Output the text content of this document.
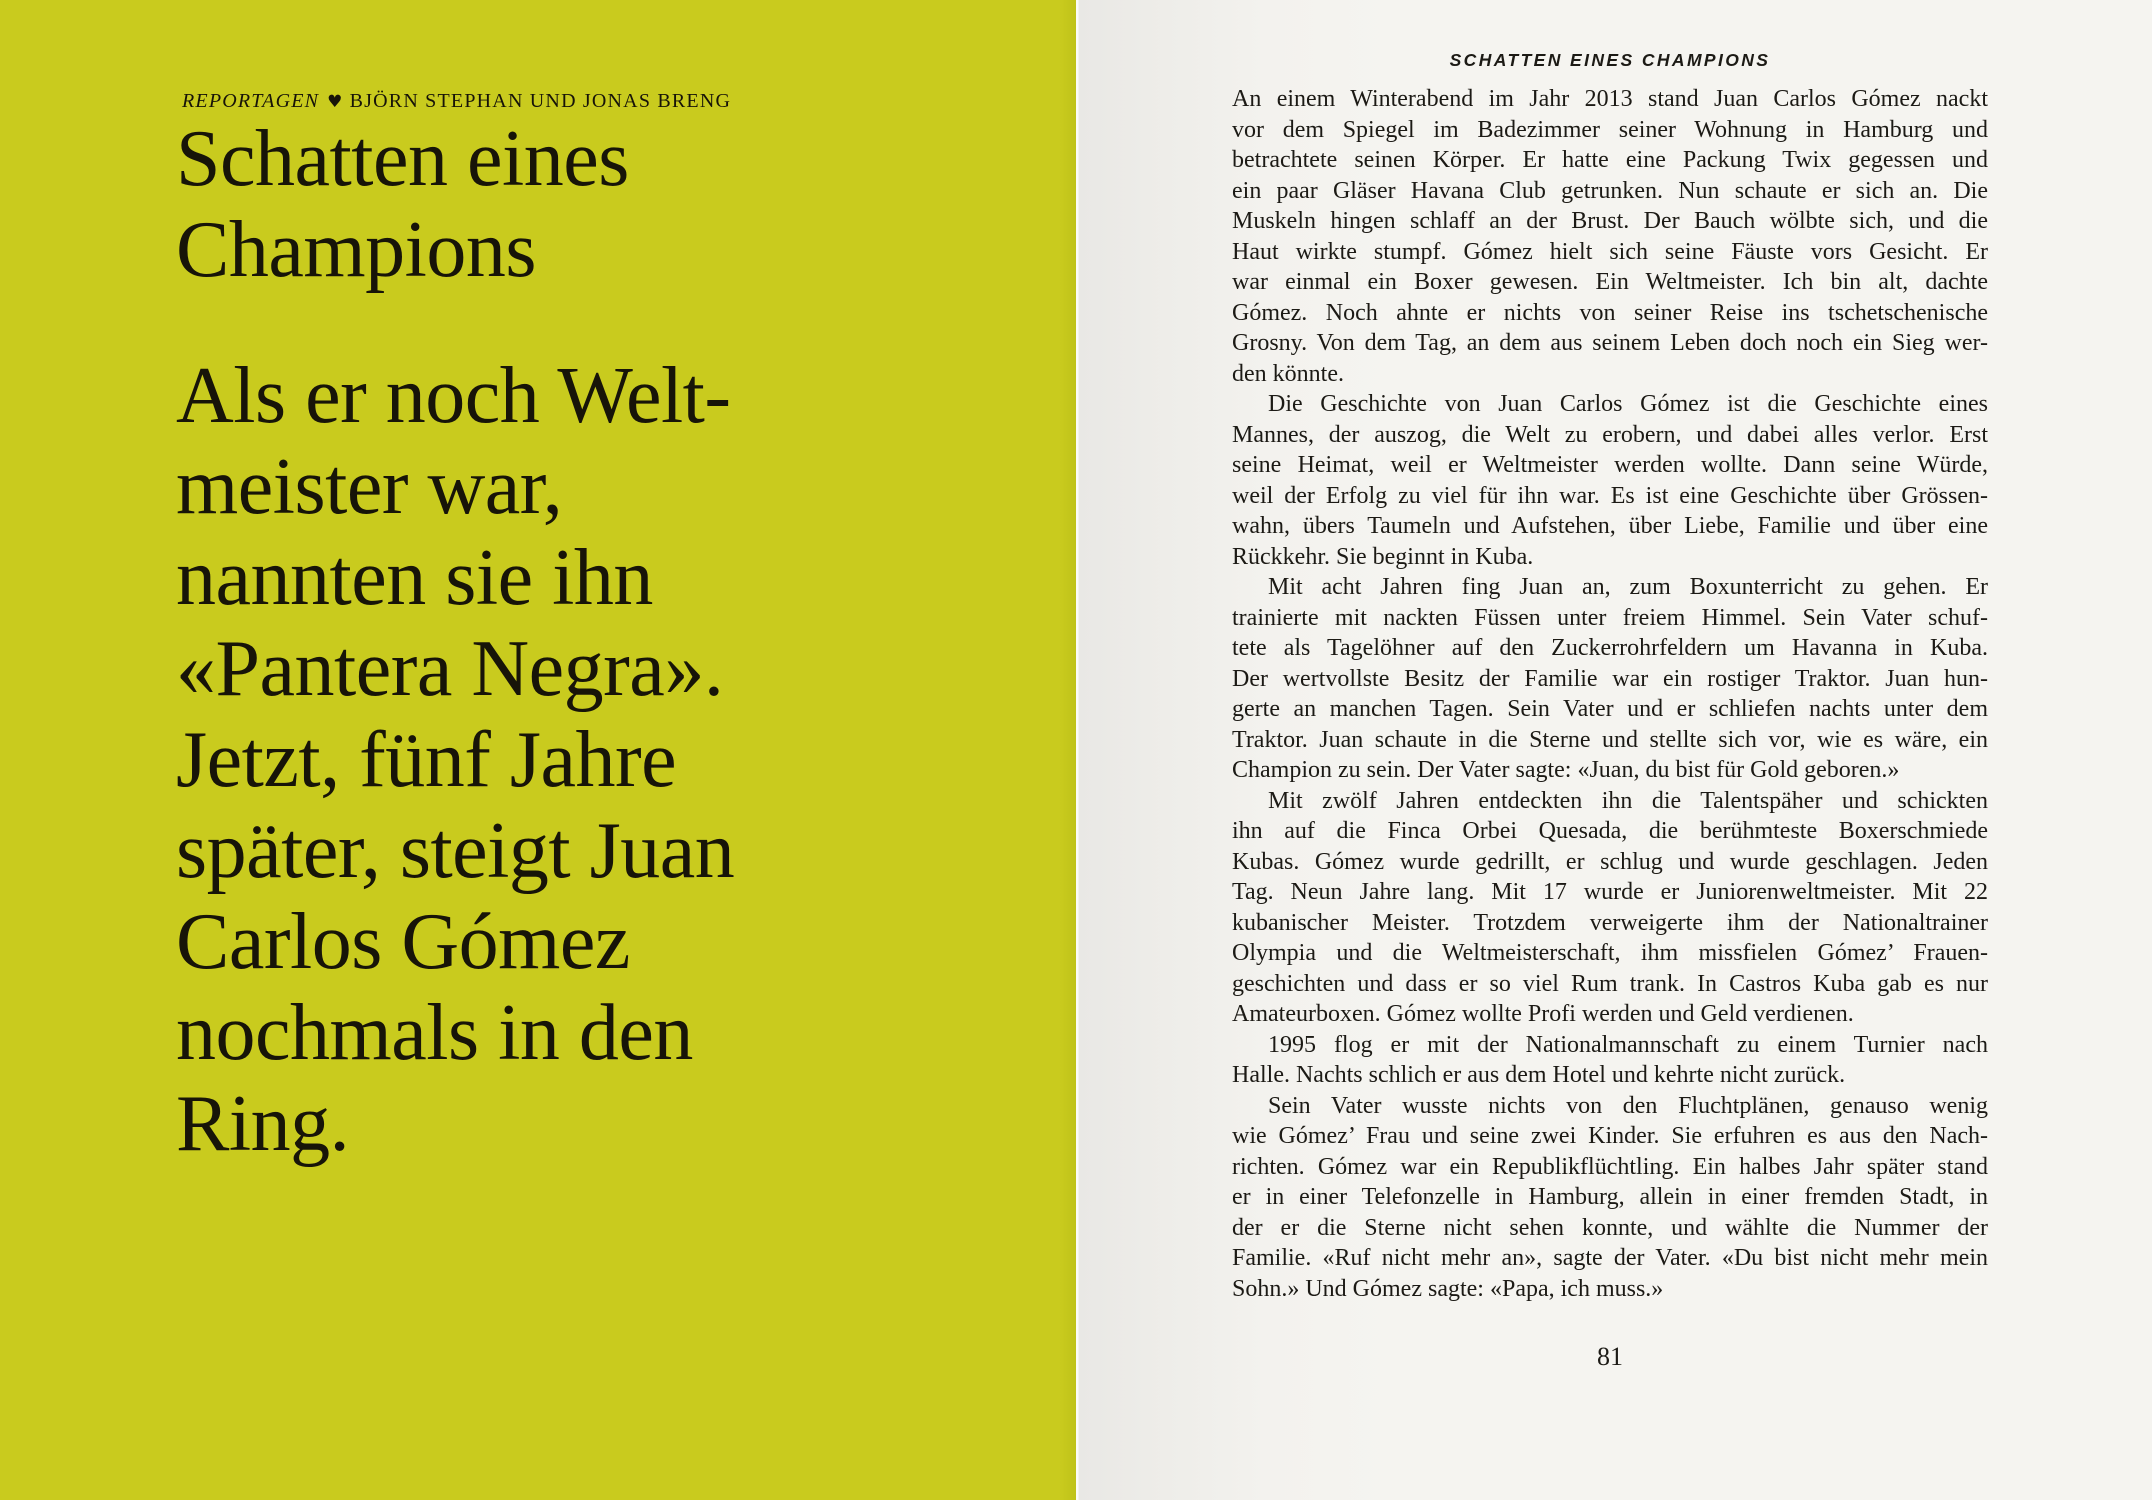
REPORTAGEN ♥ BJÖRN STEPHAN UND JONAS BRENG
Schatten eines
Champions
Als er noch Welt-
meister war,
nannten sie ihn
«Pantera Negra».
Jetzt, fünf Jahre
später, steigt Juan
Carlos Gómez
nochmals in den
Ring.
SCHATTEN EINES CHAMPIONS
An einem Winterabend im Jahr 2013 stand Juan Carlos Gómez nackt
vor dem Spiegel im Badezimmer seiner Wohnung in Hamburg und
betrachtete seinen Körper. Er hatte eine Packung Twix gegessen und
ein paar Gläser Havana Club getrunken. Nun schaute er sich an. Die
Muskeln hingen schlaff an der Brust. Der Bauch wölbte sich, und die
Haut wirkte stumpf. Gómez hielt sich seine Fäuste vors Gesicht. Er
war einmal ein Boxer gewesen. Ein Weltmeister. Ich bin alt, dachte
Gómez. Noch ahnte er nichts von seiner Reise ins tschetschenische
Grosny. Von dem Tag, an dem aus seinem Leben doch noch ein Sieg wer-
den könnte.
Die Geschichte von Juan Carlos Gómez ist die Geschichte eines
Mannes, der auszog, die Welt zu erobern, und dabei alles verlor. Erst
seine Heimat, weil er Weltmeister werden wollte. Dann seine Würde,
weil der Erfolg zu viel für ihn war. Es ist eine Geschichte über Grössen-
wahn, übers Taumeln und Aufstehen, über Liebe, Familie und über eine
Rückkehr. Sie beginnt in Kuba.
Mit acht Jahren fing Juan an, zum Boxunterricht zu gehen. Er
trainierte mit nackten Füssen unter freiem Himmel. Sein Vater schuf-
tete als Tagelöhner auf den Zuckerrohrfeldern um Havanna in Kuba.
Der wertvollste Besitz der Familie war ein rostiger Traktor. Juan hun-
gerte an manchen Tagen. Sein Vater und er schliefen nachts unter dem
Traktor. Juan schaute in die Sterne und stellte sich vor, wie es wäre, ein
Champion zu sein. Der Vater sagte: «Juan, du bist für Gold geboren.»
Mit zwölf Jahren entdeckten ihn die Talentspäher und schickten
ihn auf die Finca Orbei Quesada, die berühmteste Boxerschmiede
Kubas. Gómez wurde gedrillt, er schlug und wurde geschlagen. Jeden
Tag. Neun Jahre lang. Mit 17 wurde er Juniorenweltmeister. Mit 22
kubanischer Meister. Trotzdem verweigerte ihm der Nationaltrainer
Olympia und die Weltmeisterschaft, ihm missfielen Gómez’ Frauen-
geschichten und dass er so viel Rum trank. In Castros Kuba gab es nur
Amateurboxen. Gómez wollte Profi werden und Geld verdienen.
1995 flog er mit der Nationalmannschaft zu einem Turnier nach
Halle. Nachts schlich er aus dem Hotel und kehrte nicht zurück.
Sein Vater wusste nichts von den Fluchtplänen, genauso wenig
wie Gómez’ Frau und seine zwei Kinder. Sie erfuhren es aus den Nach-
richten. Gómez war ein Republikflüchtling. Ein halbes Jahr später stand
er in einer Telefonzelle in Hamburg, allein in einer fremden Stadt, in
der er die Sterne nicht sehen konnte, und wählte die Nummer der
Familie. «Ruf nicht mehr an», sagte der Vater. «Du bist nicht mehr mein
Sohn.» Und Gómez sagte: «Papa, ich muss.»
81
